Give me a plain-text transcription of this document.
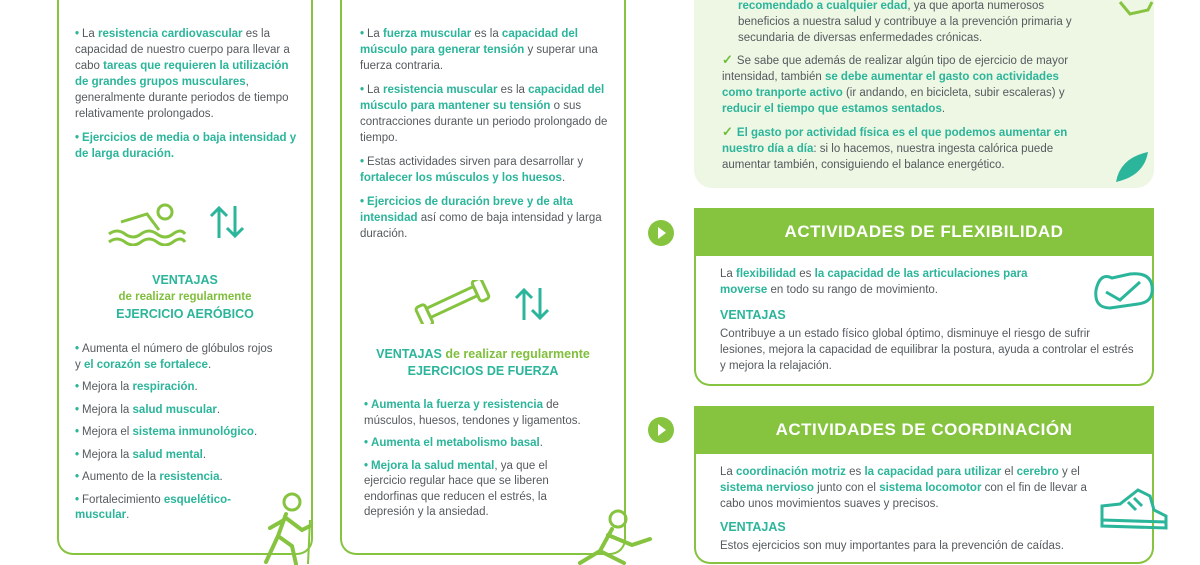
• La resistencia cardiovascular es la capacidad de nuestro cuerpo para llevar a cabo tareas que requieren la utilización de grandes grupos musculares, generalmente durante periodos de tiempo relativamente prolongados.

• Ejercicios de media o baja intensidad y de larga duración.

VENTAJAS
de realizar regularmente
EJERCICIO AERÓBICO

• Aumenta el número de glóbulos rojos y el corazón se fortalece.

• Mejora la respiración.

• Mejora la salud muscular.

• Mejora el sistema inmunológico.

• Mejora la salud mental.

• Aumento de la resistencia.

• Fortalecimiento esquelético-muscular.

• La fuerza muscular es la capacidad del músculo para generar tensión y superar una fuerza contraria.

• La resistencia muscular es la capacidad del músculo para mantener su tensión o sus contracciones durante un periodo prolongado de tiempo.

• Estas actividades sirven para desarrollar y fortalecer los músculos y los huesos.

• Ejercicios de duración breve y de alta intensidad así como de baja intensidad y larga duración.

VENTAJAS de realizar regularmente
EJERCICIOS DE FUERZA

• Aumenta la fuerza y resistencia de músculos, huesos, tendones y ligamentos.

• Aumenta el metabolismo basal.

• Mejora la salud mental, ya que el ejercicio regular hace que se liberen endorfinas que reducen el estrés, la depresión y la ansiedad.

recomendado a cualquier edad, ya que aporta numerosos beneficios a nuestra salud y contribuye a la prevención primaria y secundaria de diversas enfermedades crónicas.
✓ Se sabe que además de realizar algún tipo de ejercicio de mayor intensidad, también se debe aumentar el gasto con actividades como tranporte activo (ir andando, en bicicleta, subir escaleras) y reducir el tiempo que estamos sentados.
✓ El gasto por actividad física es el que podemos aumentar en nuestro día a día: si lo hacemos, nuestra ingesta calórica puede aumentar también, consiguiendo el balance energético.
ACTIVIDADES DE FLEXIBILIDAD
La flexibilidad es la capacidad de las articulaciones para moverse en todo su rango de movimiento.
VENTAJAS
Contribuye a un estado físico global óptimo, disminuye el riesgo de sufrir lesiones, mejora la capacidad de equilibrar la postura, ayuda a controlar el estrés y mejora la relajación.
ACTIVIDADES DE COORDINACIÓN
La coordinación motriz es la capacidad para utilizar el cerebro y el sistema nervioso junto con el sistema locomotor con el fin de llevar a cabo unos movimientos suaves y precisos.
VENTAJAS
Estos ejercicios son muy importantes para la prevención de caídas.
